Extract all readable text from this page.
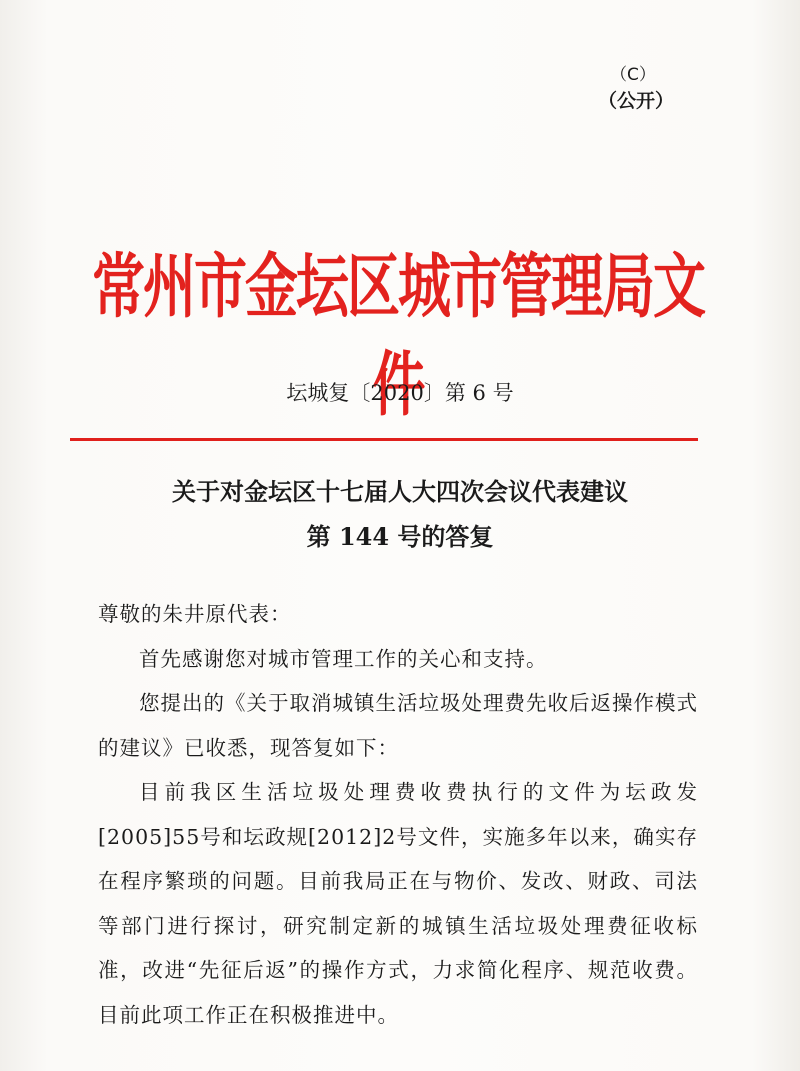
（C）
（公开）
常州市金坛区城市管理局文件
坛城复〔2020〕第 6 号
关于对金坛区十七届人大四次会议代表建议
第 144 号的答复

尊敬的朱井原代表：

首先感谢您对城市管理工作的关心和支持。

您提出的《关于取消城镇生活垃圾处理费先收后返操作模式的建议》已收悉，现答复如下：

目前我区生活垃圾处理费收费执行的文件为坛政发[2005]55号和坛政规[2012]2号文件，实施多年以来，确实存在程序繁琐的问题。目前我局正在与物价、发改、财政、司法等部门进行探讨，研究制定新的城镇生活垃圾处理费征收标准，改进“先征后返”的操作方式，力求简化程序、规范收费。目前此项工作正在积极推进中。
